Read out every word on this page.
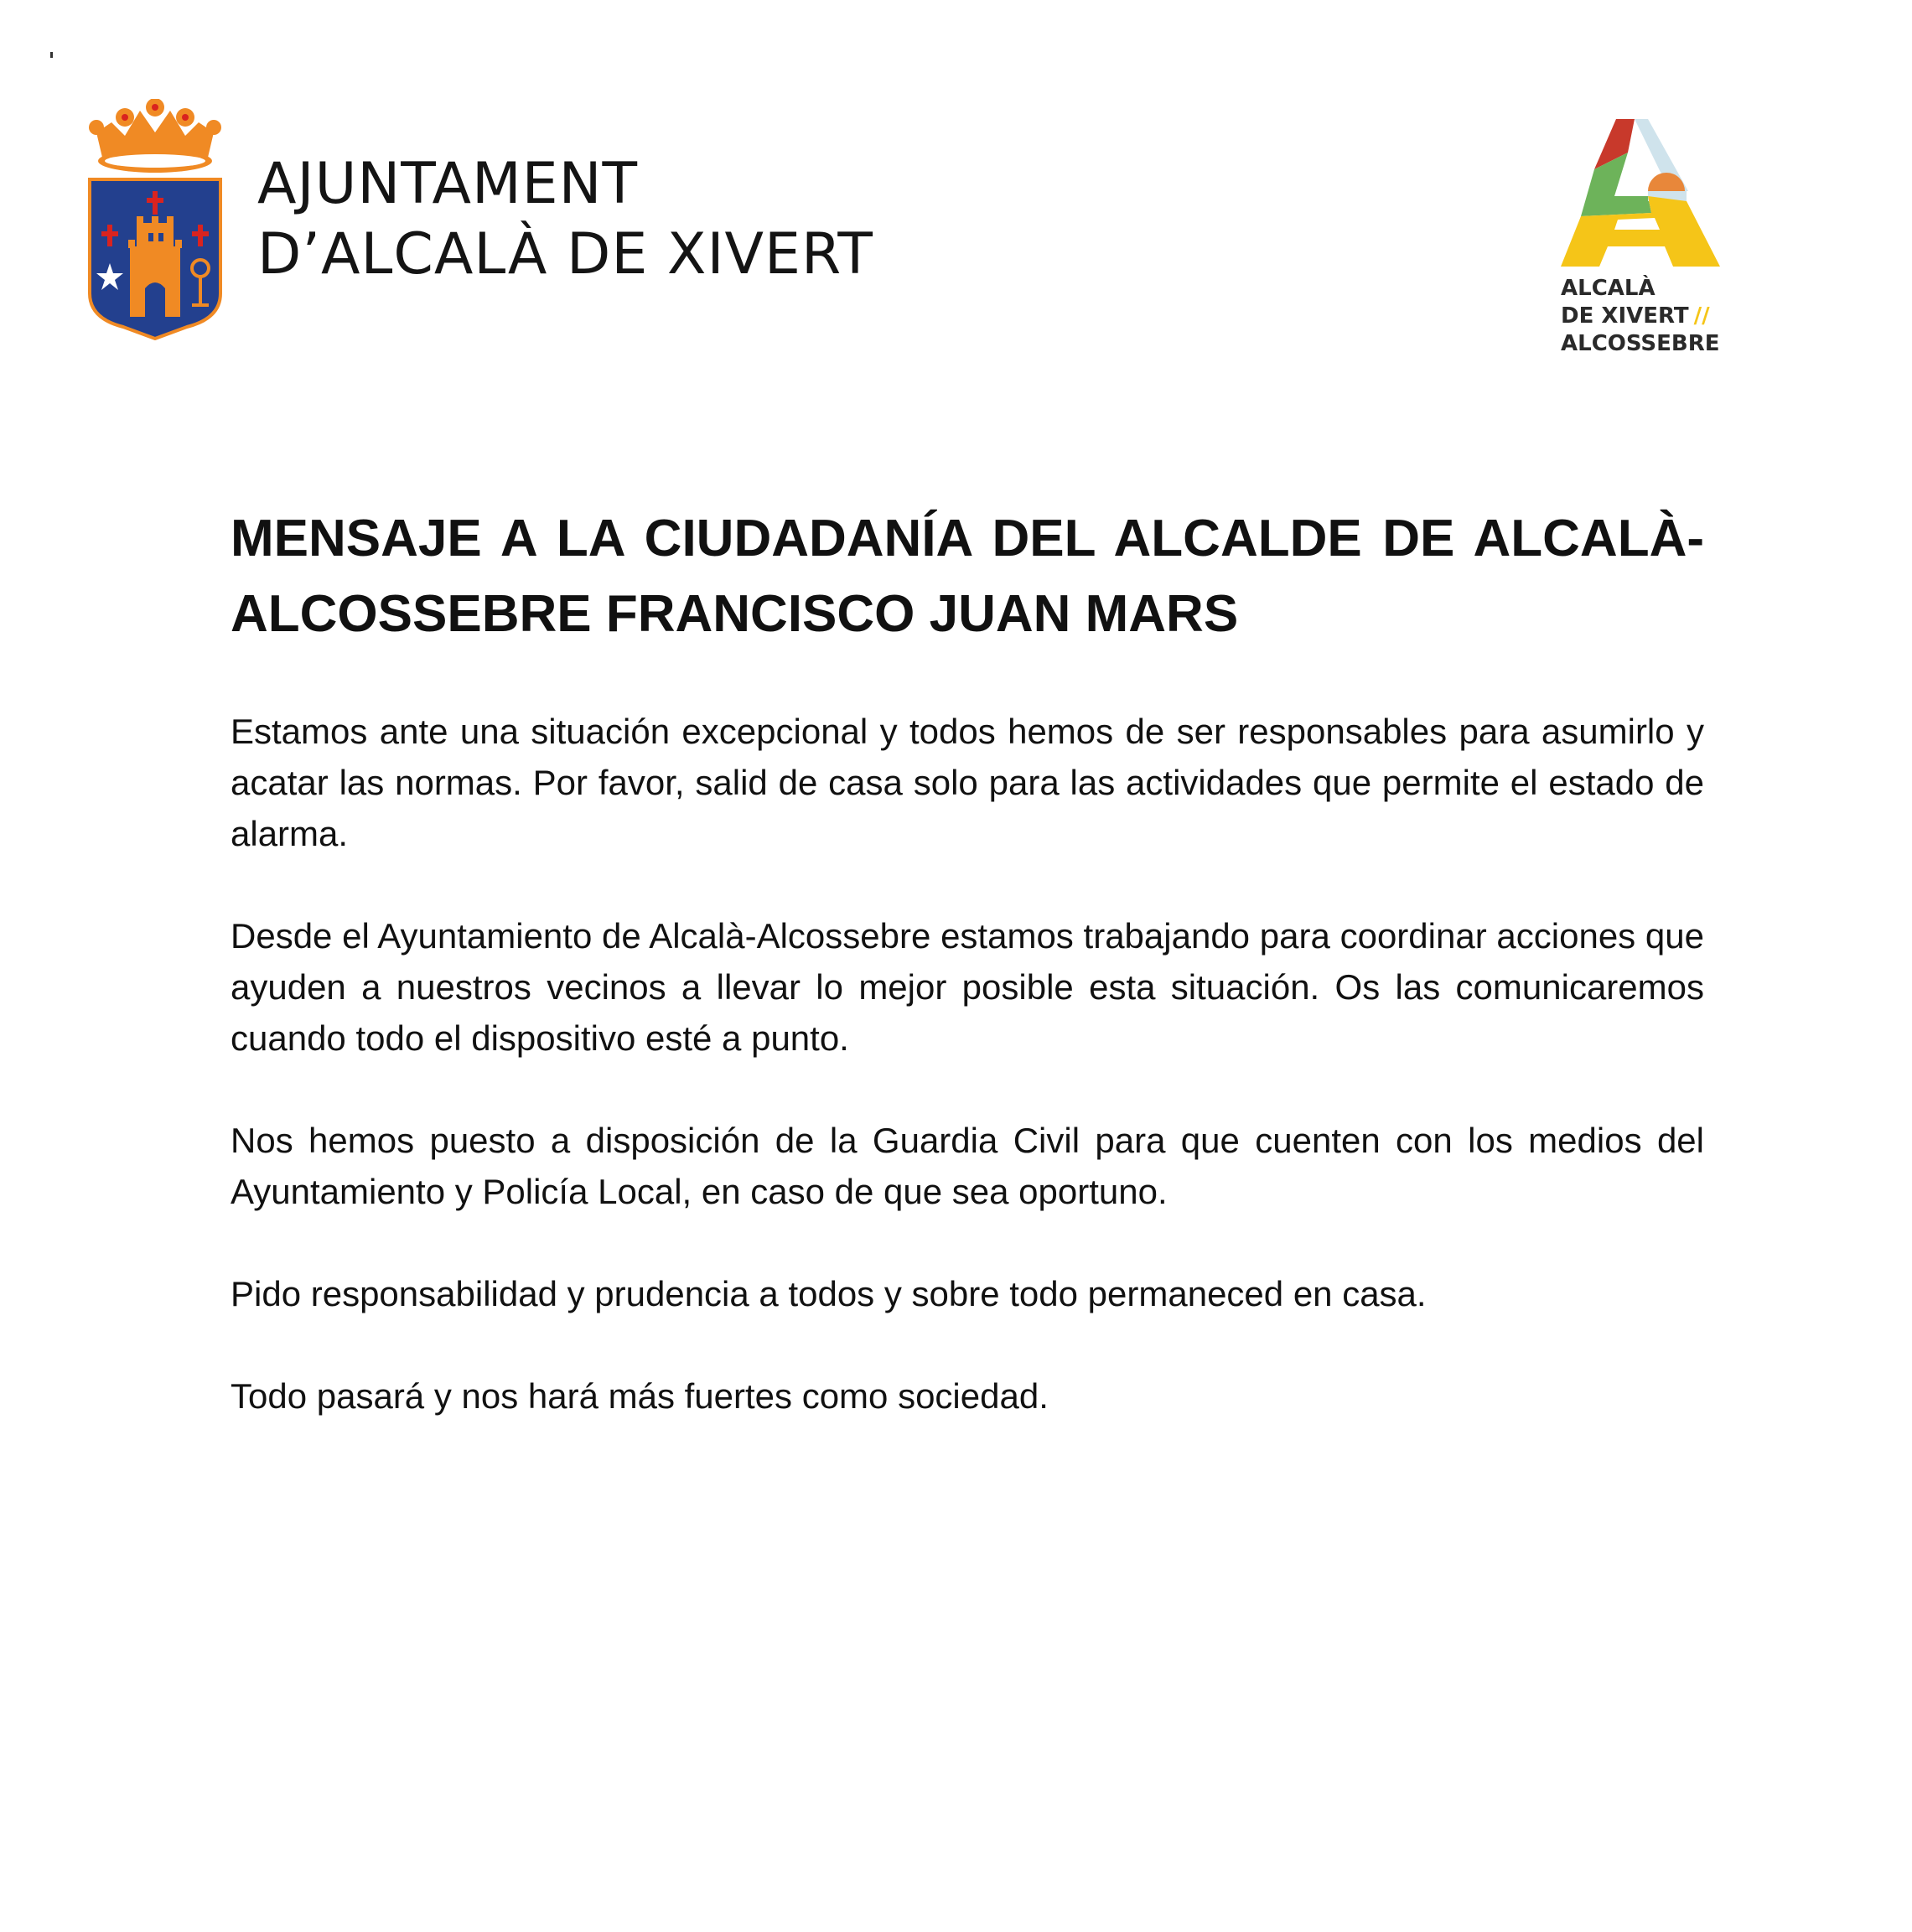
AJUNTAMENT
D’ALCALÀ DE XIVERT
ALCALÀ
DE XIVERT //
ALCOSSEBRE
MENSAJE A LA CIUDADANÍA DEL ALCALDE DE ALCALÀ-ALCOSSEBRE FRANCISCO JUAN MARS

Estamos ante una situación excepcional y todos hemos de ser responsables para asumirlo y acatar las normas. Por favor, salid de casa solo para las actividades que permite el estado de alarma.

Desde el Ayuntamiento de Alcalà-Alcossebre estamos trabajando para coordinar acciones que ayuden a nuestros vecinos a llevar lo mejor posible esta situación. Os las comunicaremos cuando todo el dispositivo esté a punto.

Nos hemos puesto a disposición de la Guardia Civil para que cuenten con los medios del Ayuntamiento y Policía Local, en caso de que sea oportuno.

Pido responsabilidad y prudencia a todos y sobre todo permaneced en casa.

Todo pasará y nos hará más fuertes como sociedad.
